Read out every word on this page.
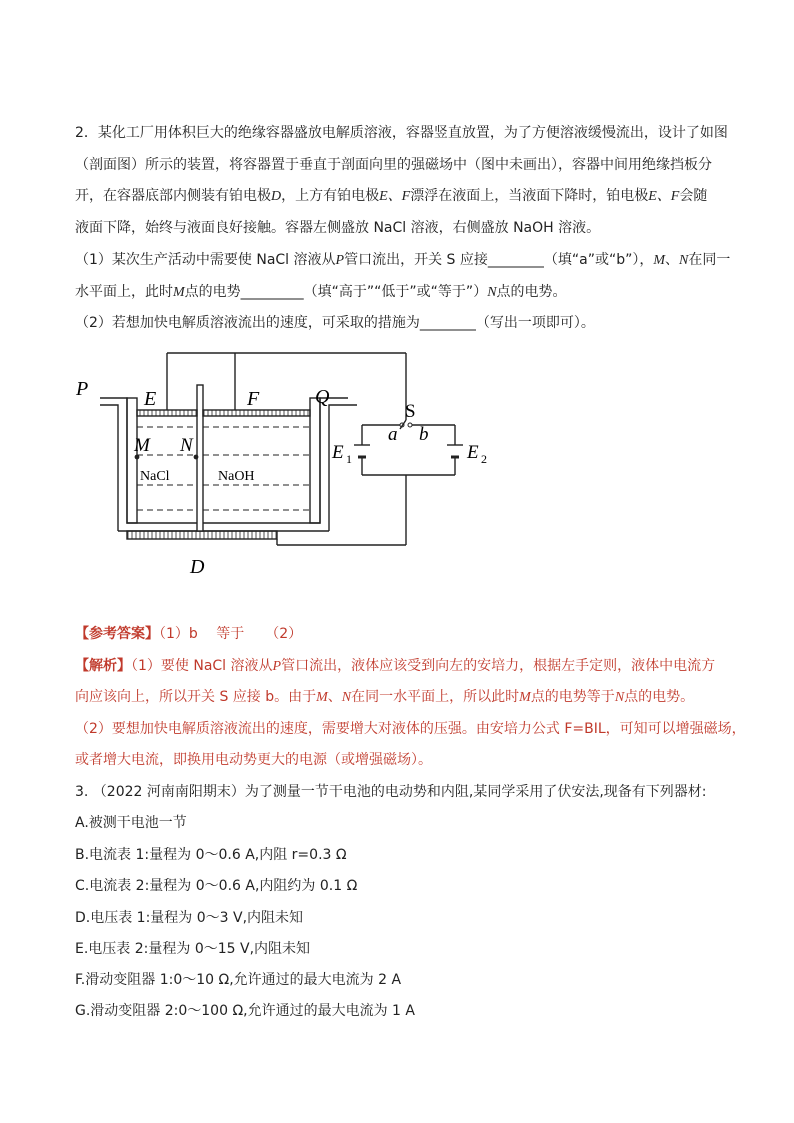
2．某化工厂用体积巨大的绝缘容器盛放电解质溶液，容器竖直放置，为了方便溶液缓慢流出，设计了如图
（剖面图）所示的装置，将容器置于垂直于剖面向里的强磁场中（图中未画出），容器中间用绝缘挡板分
开，在容器底部内侧装有铂电极D，上方有铂电极E、F漂浮在液面上，当液面下降时，铂电极E、F会随
液面下降，始终与液面良好接触。容器左侧盛放 NaCl 溶液，右侧盛放 NaOH 溶液。
（1）某次生产活动中需要使 NaCl 溶液从P管口流出，开关 S 应接________（填“a”或“b”），M、N在同一
水平面上，此时M点的电势_________（填“高于”“低于”或“等于”）N点的电势。
（2）若想加快电解质溶液流出的速度，可采取的措施为________（写出一项即可）。
P	Q
E	F
M N
D
S
a b
E 1	E 2
NaCl	NaOH
【参考答案】（1）b　 等于　　（2）
【解析】（1）要使 NaCl 溶液从P管口流出，液体应该受到向左的安培力，根据左手定则，液体中电流方
向应该向上，所以开关 S 应接 b。由于M、N在同一水平面上，所以此时M点的电势等于N点的电势。
（2）要想加快电解质溶液流出的速度，需要增大对液体的压强。由安培力公式 F=BIL，可知可以增强磁场，
或者增大电流，即换用电动势更大的电源（或增强磁场）。
3. （2022 河南南阳期末）为了测量一节干电池的电动势和内阻,某同学采用了伏安法,现备有下列器材:
A.被测干电池一节
B.电流表 1:量程为 0～0.6 A,内阻 r=0.3 Ω
C.电流表 2:量程为 0～0.6 A,内阻约为 0.1 Ω
D.电压表 1:量程为 0～3 V,内阻未知
E.电压表 2:量程为 0～15 V,内阻未知
F.滑动变阻器 1:0～10 Ω,允许通过的最大电流为 2 A
G.滑动变阻器 2:0～100 Ω,允许通过的最大电流为 1 A
